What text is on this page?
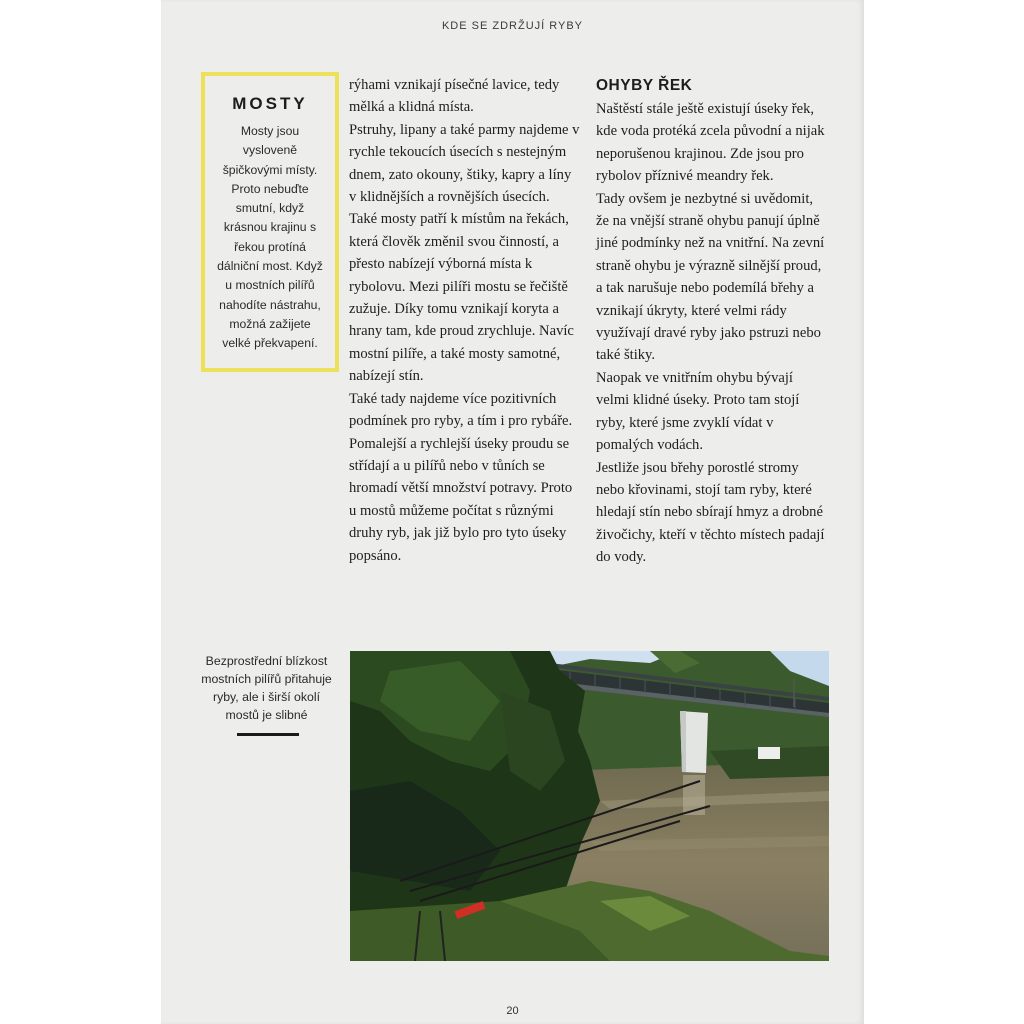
KDE SE ZDRŽUJÍ RYBY
MOSTY

Mosty jsou vysloveně špičkovými místy. Proto nebuďte smutní, když krásnou krajinu s řekou protíná dálniční most. Když u mostních pilířů nahodíte nástrahu, možná zažijete velké překvapení.

rýhami vznikají písečné lavice, tedy mělká a klidná místa.

Pstruhy, lipany a také parmy najdeme v rychle tekoucích úsecích s nestejným dnem, zato okouny, štiky, kapry a líny v klidnějších a rovnějších úsecích.

Také mosty patří k místům na řekách, která člověk změnil svou činností, a přesto nabízejí výborná místa k rybolovu. Mezi pilíři mostu se řečiště zužuje. Díky tomu vznikají koryta a hrany tam, kde proud zrychluje. Navíc mostní pilíře, a také mosty samotné, nabízejí stín.

Také tady najdeme více pozitivních podmínek pro ryby, a tím i pro rybáře. Pomalejší a rychlejší úseky proudu se střídají a u pilířů nebo v tůních se hromadí větší množství potravy. Proto u mostů můžeme počítat s různými druhy ryb, jak již bylo pro tyto úseky popsáno.

OHYBY ŘEK

Naštěstí stále ještě existují úseky řek, kde voda protéká zcela původní a nijak neporušenou krajinou. Zde jsou pro rybolov příznivé meandry řek.

Tady ovšem je nezbytné si uvědomit, že na vnější straně ohybu panují úplně jiné podmínky než na vnitřní. Na zevní straně ohybu je výrazně silnější proud, a tak narušuje nebo podemílá břehy a vznikají úkryty, které velmi rády využívají dravé ryby jako pstruzi nebo také štiky.

Naopak ve vnitřním ohybu bývají velmi klidné úseky. Proto tam stojí ryby, které jsme zvyklí vídat v pomalých vodách.

Jestliže jsou břehy porostlé stromy nebo křovinami, stojí tam ryby, které hledají stín nebo sbírají hmyz a drobné živočichy, kteří v těchto místech padají do vody.

Bezprostřední blízkost mostních pilířů přitahuje ryby, ale i širší okolí mostů je slibné
20
